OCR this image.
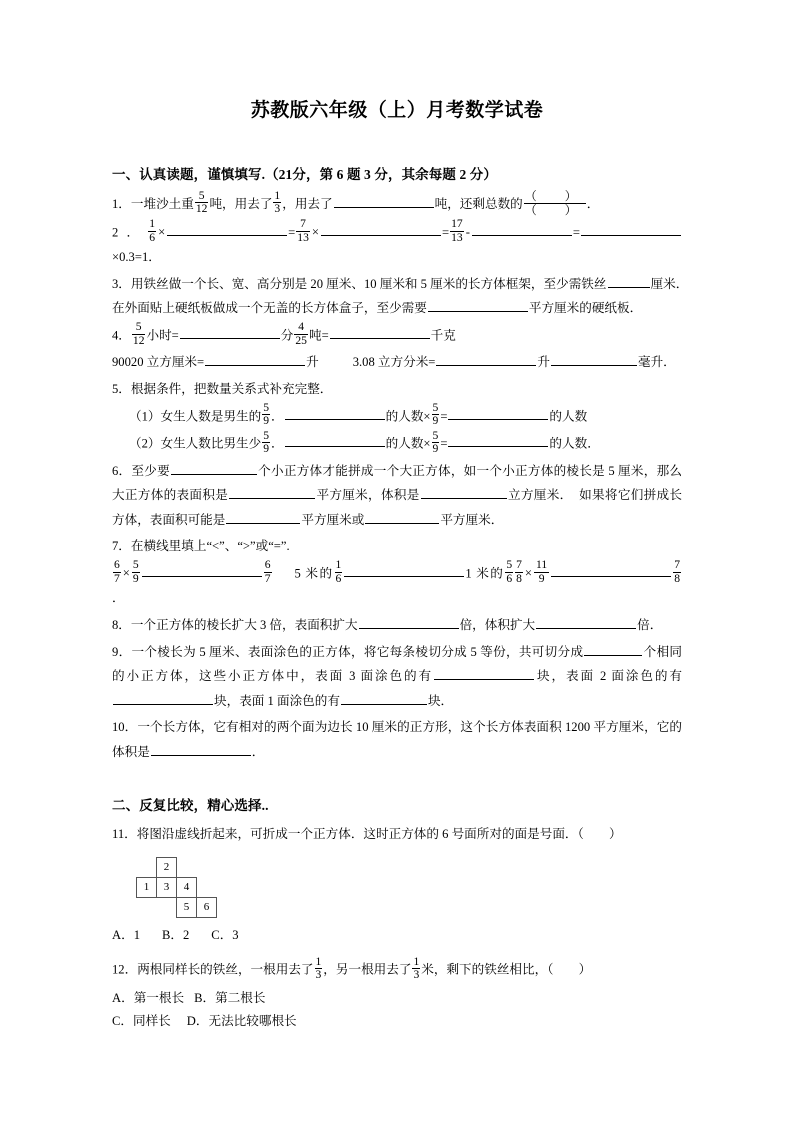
苏教版六年级（上）月考数学试卷
一、认真读题，谨慎填写.（21分，第 6 题 3 分，其余每题 2 分）
1．一堆沙土重 $\frac{5}{12}$ 吨，用去了 $\frac{1}{3}$ ，用去了	吨，还剩总数的 $\frac{( )}{( )}$ ．
2． $\frac{1}{6}$ ×	= $\frac{7}{13}$ ×	= $\frac{17}{13}$ -	=×0.3=1．
3．用铁丝做一个长、宽、高分别是 20 厘米、10 厘米和 5 厘米的长方体框架，至少需铁丝	厘米．　在外面贴上硬纸板做成一个无盖的长方体盒子，至少需要	平方厘米的硬纸板．
4． $\frac{5}{12}$ 小时=	分 $\frac{4}{25}$ 吨=	千克
90020 立方厘米=	升	3.08 立方分米=	升	毫升．
5．根据条件，把数量关系式补充完整．
（1）女生人数是男生的 $\frac{5}{9}$ ．	的人数× $\frac{5}{9}$ =	的人数
（2）女生人数比男生少 $\frac{5}{9}$ ．	的人数× $\frac{5}{9}$ =	的人数．
6．至少要	个小正方体才能拼成一个大正方体，如一个小正方体的棱长是 5 厘米，那么大正方体的表面积是	平方厘米，体积是	立方厘米．　如果将它们拼成长方体，表面积可能是	平方厘米或	平方厘米．
7．在横线里填上“<”、“>”或“=”.
$\frac{6}{7} \times \frac{5}{9}$	$\frac{6}{7} 5$ 米的 $\frac{1}{6}$	1 米的 $\frac{5}{6} \frac{7}{8} \times \frac{11}{9}$	$\frac{7}{8}$
．
8．一个正方体的棱长扩大 3 倍，表面积扩大	倍，体积扩大	倍．
9．一个棱长为 5 厘米、表面涂色的正方体，将它每条棱切分成 5 等份，共可切分成	个相同的小正方体，这些小正方体中，表面 3 面涂色的有	块，表面 2 面涂色的有块，表面 1 面涂色的有	块．
10．一个长方体，它有相对的两个面为边长 10 厘米的正方形，这个长方体表面积 1200 平方厘米，它的体积是	．
二、反复比较，精心选择..
11．将图沿虚线折起来，可折成一个正方体．这时正方体的 6 号面所对的面是号面．（　　）
	2		
1	3	4	
		5	6
A．1 B．2 C．3
12．两根同样长的铁丝，一根用去了 $\frac{1}{3}$ ，另一根用去了 $\frac{1}{3}$ 米，剩下的铁丝相比，（　　）
A．第一根长 B．第二根长
C．同样长 D．无法比较哪根长
